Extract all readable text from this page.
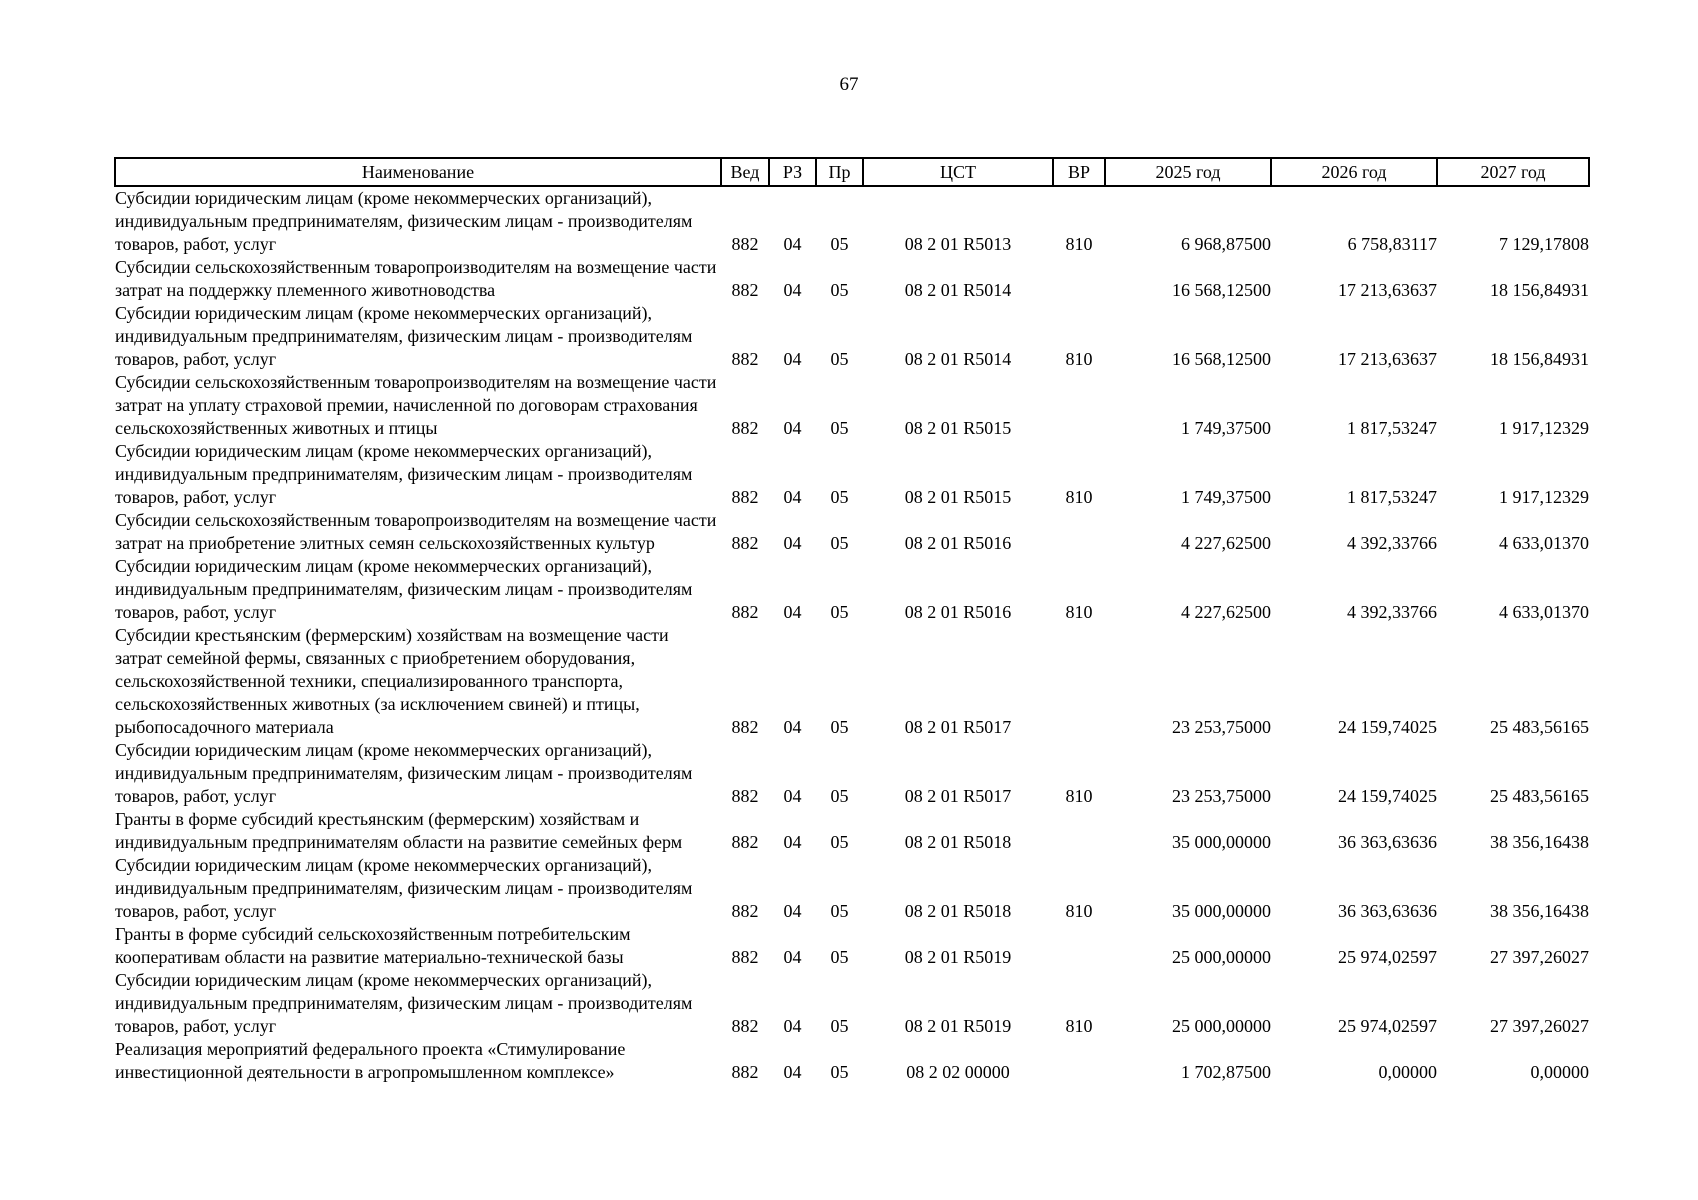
67
Наименование	Вед	РЗ	Пр	ЦСТ	ВР	2025 год	2026 год	2027 год
Субсидии юридическим лицам (кроме некоммерческих организаций), индивидуальным предпринимателям, физическим лицам - производителям товаров, работ, услуг	882	04	05	08 2 01 R5013	810	6 968,87500	6 758,83117	7 129,17808
Субсидии сельскохозяйственным товаропроизводителям на возмещение части затрат на поддержку племенного животноводства	882	04	05	08 2 01 R5014		16 568,12500	17 213,63637	18 156,84931
Субсидии юридическим лицам (кроме некоммерческих организаций), индивидуальным предпринимателям, физическим лицам - производителям товаров, работ, услуг	882	04	05	08 2 01 R5014	810	16 568,12500	17 213,63637	18 156,84931
Субсидии сельскохозяйственным товаропроизводителям на возмещение части затрат на уплату страховой премии, начисленной по договорам страхования сельскохозяйственных животных и птицы	882	04	05	08 2 01 R5015		1 749,37500	1 817,53247	1 917,12329
Субсидии юридическим лицам (кроме некоммерческих организаций), индивидуальным предпринимателям, физическим лицам - производителям товаров, работ, услуг	882	04	05	08 2 01 R5015	810	1 749,37500	1 817,53247	1 917,12329
Субсидии сельскохозяйственным товаропроизводителям на возмещение части затрат на приобретение элитных семян сельскохозяйственных культур	882	04	05	08 2 01 R5016		4 227,62500	4 392,33766	4 633,01370
Субсидии юридическим лицам (кроме некоммерческих организаций), индивидуальным предпринимателям, физическим лицам - производителям товаров, работ, услуг	882	04	05	08 2 01 R5016	810	4 227,62500	4 392,33766	4 633,01370
Субсидии крестьянским (фермерским) хозяйствам на возмещение части затрат семейной фермы, связанных с приобретением оборудования, сельскохозяйственной техники, специализированного транспорта, сельскохозяйственных животных (за исключением свиней) и птицы, рыбопосадочного материала	882	04	05	08 2 01 R5017		23 253,75000	24 159,74025	25 483,56165
Субсидии юридическим лицам (кроме некоммерческих организаций), индивидуальным предпринимателям, физическим лицам - производителям товаров, работ, услуг	882	04	05	08 2 01 R5017	810	23 253,75000	24 159,74025	25 483,56165
Гранты в форме субсидий крестьянским (фермерским) хозяйствам и индивидуальным предпринимателям области на развитие семейных ферм	882	04	05	08 2 01 R5018		35 000,00000	36 363,63636	38 356,16438
Субсидии юридическим лицам (кроме некоммерческих организаций), индивидуальным предпринимателям, физическим лицам - производителям товаров, работ, услуг	882	04	05	08 2 01 R5018	810	35 000,00000	36 363,63636	38 356,16438
Гранты в форме субсидий сельскохозяйственным потребительским кооперативам области на развитие материально-технической базы	882	04	05	08 2 01 R5019		25 000,00000	25 974,02597	27 397,26027
Субсидии юридическим лицам (кроме некоммерческих организаций), индивидуальным предпринимателям, физическим лицам - производителям товаров, работ, услуг	882	04	05	08 2 01 R5019	810	25 000,00000	25 974,02597	27 397,26027
Реализация мероприятий федерального проекта «Стимулирование инвестиционной деятельности в агропромышленном комплексе»	882	04	05	08 2 02 00000		1 702,87500	0,00000	0,00000
